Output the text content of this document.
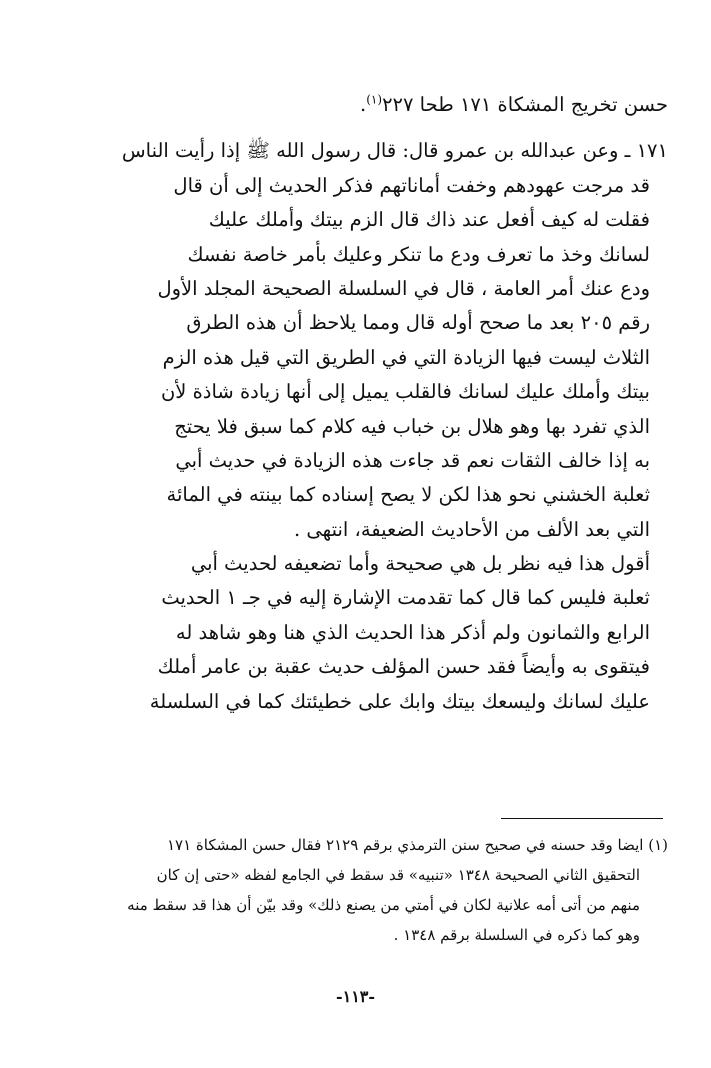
حسن تخريج المشكاة ١٧١ طحا ٢٢٧$^{(١)}$.
١٧١ ـ وعن عبدالله بن عمرو قال: قال رسول الله ﷺ إذا رأيت الناس
قد مرجت عهودهم وخفت أماناتهم فذكر الحديث إلى أن قال
فقلت له كيف أفعل عند ذاك قال الزم بيتك وأملك عليك
لسانك وخذ ما تعرف ودع ما تنكر وعليك بأمر خاصة نفسك
ودع عنك أمر العامة ، قال في السلسلة الصحيحة المجلد الأول
رقم ٢٠٥ بعد ما صحح أوله قال ومما يلاحظ أن هذه الطرق
الثلاث ليست فيها الزيادة التي في الطريق التي قيل هذه الزم
بيتك وأملك عليك لسانك فالقلب يميل إلى أنها زيادة شاذة لأن
الذي تفرد بها وهو هلال بن خباب فيه كلام كما سبق فلا يحتج
به إذا خالف الثقات نعم قد جاءت هذه الزيادة في حديث أبي
ثعلبة الخشني نحو هذا لكن لا يصح إسناده كما بينته في المائة
التي بعد الألف من الأحاديث الضعيفة، انتهى .
أقول هذا فيه نظر بل هي صحيحة وأما تضعيفه لحديث أبي
ثعلبة فليس كما قال كما تقدمت الإشارة إليه في جـ ١ الحديث
الرابع والثمانون ولم أذكر هذا الحديث الذي هنا وهو شاهد له
فيتقوى به وأيضاً فقد حسن المؤلف حديث عقبة بن عامر أملك
عليك لسانك وليسعك بيتك وابك على خطيئتك كما في السلسلة
(١) ايضا وقد حسنه في صحيح سنن الترمذي برقم ٢١٢٩ فقال حسن المشكاة ١٧١
التحقيق الثاني الصحيحة ١٣٤٨ «تنبيه» قد سقط في الجامع لفظه «حتى إن كان
منهم من أتى أمه علانية لكان في أمتي من يصنع ذلك» وقد بيّن أن هذا قد سقط منه
وهو كما ذكره في السلسلة برقم ١٣٤٨ .
-١١٣-
